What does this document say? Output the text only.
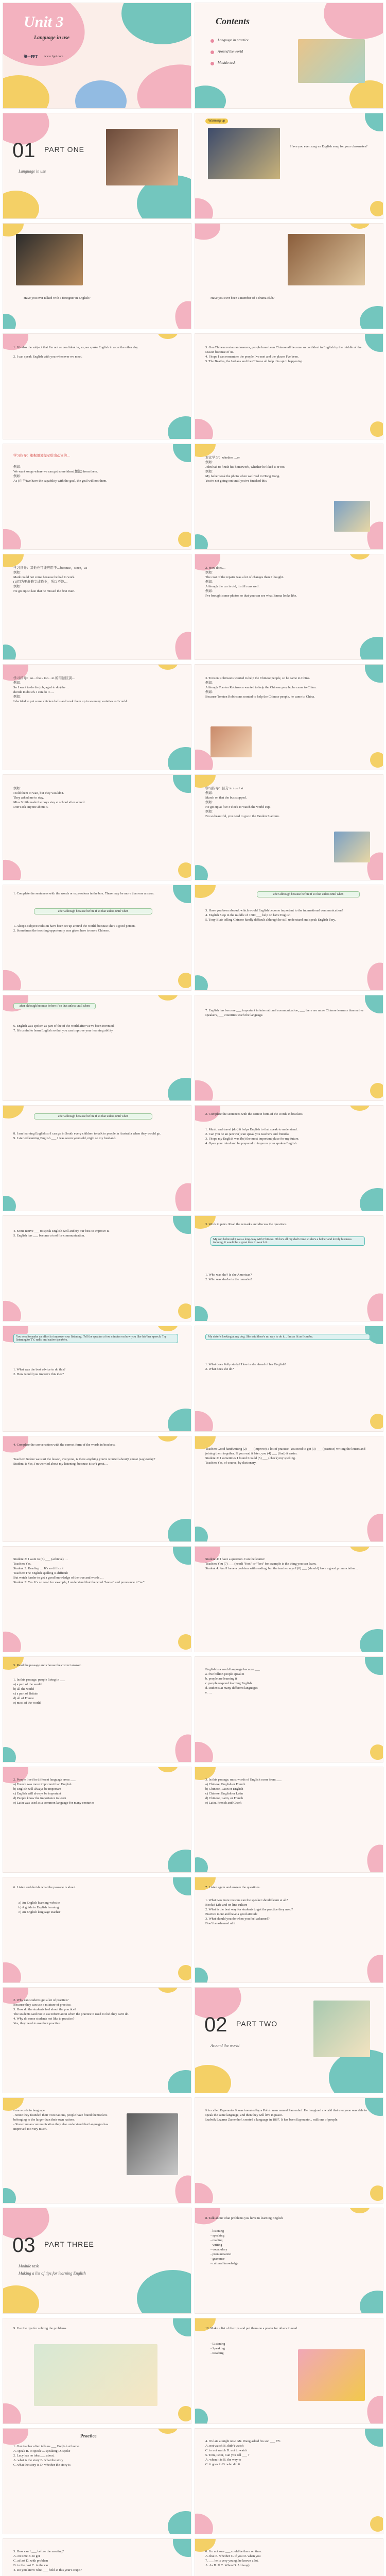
Unit 3
Language in use
第一PPT	www.1ppt.com
Contents
Language in practice
Around the world
Module task
01 PART ONE
Language in use
Warming up
Have you ever sung an English song for your classmates?
Have you ever talked with a foreigner in English?	Have you ever been a member of a drama club?
1. It's also the subject that I'm not so confident in, so, we spoke English in a car the other day.

2. I can speak English with you whenever we meet.
3. Our Chinese restaurant owners, people have been Chinese all become so confident in English by the middle of the season because of us.
4. I hope I can remember the people I've met and the places I've been.
5. The Beatles, the Indians and the Chinese all help this spirit happening.
学习指导：根据语境提示给出动词的…

例如：
We want songs where we can get some ideas(想法) from them.
例如：
As (由于)we have the capability with the goal, the goal will not them.
对比学习：whether …or
例如：
John had to finish his homework, whether he liked it or not.
例如：
My father took the photo when we lived in Hong Kong.
You're not going out until you've finished this.
学习指导：其他也可能应用于…because，since，as
例如：
Mark could not come because he had to work.
(1)因为要赶路完成作业，所以不能…
例如：
He got up so late that he missed the first train.
2. How does…
例如：
The cost of the repairs was a lot of changes than I thought.
例如：
Although the car is old, it still runs well.
例如：
I've brought some photos so that you can see what Emma looks like.
学习指导：so…that / too…to 的用法区别…
例如：
So I want to do the job, aged to do (the…
decide to do sth. I can do it….
例如：
I decided to put some chicken balls and cook them up in so many varieties as I could.
3. Torsten Robinsons wanted to help the Chinese people, so he came to China.
例如：
Although Torsten Robinsons wanted to help the Chinese people, he came to China.
例如：
Because Torsten Robinsons wanted to help the Chinese people, he came to China.
例如：
I told them to wait, but they wouldn't.
They asked me to stay.
Miss Smith made the boys stay at school after school.
Don't ask anyone about it.
学习指导：区分 in / on / at
例如：
March on that the bus stopped.
例如：
He got up at five o'clock to watch the world cup.
例如：
I'm so beautiful, you need to go to the Tandon Stadium.
1. Complete the sentences with the words or expressions in the box. There may be more than one answer.
after although because before if so that unless until when
1. Alsop's subject tradition have been set up around the world, because she's a good person.
2. Sometimes the teaching opportunity was given here to more Chinese.
after although because before if so that unless until when
3. Have you been abroad, which would English become important to the international communication?
4. English Stop in the middle of 1880 ___ help on have English
5. Tony Blair telling Chinese kindly difficult although he still understand and speak English Tory.
after although because before if so that unless until when
6. English was spoken as part of the of the world after we've been invented.
7. It's useful to learn English so that you can improve your learning ability.
7. English has become ___ important in international communication, ___ there are more Chinese learners than native speakers, ___ countries teach the language.
after although because before if so that unless until when
8. I am learning English so I can go in South every children to talk to people in Australia when they would go.
9. I started learning English ___ I was seven years old, night so my husband.
2. Complete the sentences with the correct form of the words in brackets.
1. Music and travel (do ) it helps English to that speak to understand.
2. Can you be an (answer) can speak you teachers and friends?
3. I hope my English was (be) the most important place for my future.
4. Open your mind and be prepared to improve your spoken English.
4. Some native ___ to speak English well and try our best to improve it.
5. English has ___ become a tool for communication.
3. Work in pairs. Read the remarks and discuss the questions.
My son believed it was a long-way with Chinese. Oh he's all my dad's time so she's a helper and lovely business training, it would be a great idea to watch it.
1. Who was she? Is she American?
2. Who was she/he in the remarks?
You need to make an effort to improve your listening. Tell the speaker a few minutes on how you like his/ her speech. Try listening to TV, radio and native speakers.
1. What was the best advice to do this?
2. How would you improve this idea?
My sister's looking at my dog. She said there's no way to do it... I'm as fit as I can be.
1. What does Polly study? How is she ahead of her English?
2. What does she do?
4. Complete the conversation with the correct form of the words in brackets.
Teacher: Before we start the lesson, everyone, is there anything you're worried about(1) most (say) today?
Student 1: Yes, I'm worried about my listening, because it isn't great…
Teacher: Good handwriting (2) ___ (improve) a lot of practice. You need to get (3) ___ (practise) writing the letters and joining them together. If you read it later, you (4) ___ (find) it easier.
Student 2: I sometimes I found I could (5) ___ (check) my spelling.
Teacher: Yes, of course, by dictionary.
Student 3: I want to (6) ___ (achieve) …
Teacher: Yes.
Student 3: Reading … It's so difficult
Teacher: The English spelling is difficult
But watch harder to get a good knowledge of the true and words …
Student 3: Yes. It's so cool. for example, I understand that the word "know" and pronounce it "no".
Student 4: I have a question. Can the learner
Teacher: You (7) ___ (need) "foot" or "feet" for example is the thing you can learn.
Student 4: And I have a problem with reading, but the teacher says I (8) ___ (should) have a good pronunciation...
5. Read the passage and choose the correct answer.
1. In this passage, people living in ___
a) a part of the world
b) all the world
c) a part of Britain
d) all of France
e) most of the world
English is a world language because ___
a. five billion people speak it
b. people are learning it
c. people respond learning English
d. students at many different languages
e. …
2. People lived in different language areas ___
a) French was more important than English
b) English will always be important
c) English will always be important
d) People know the importance to learn
e) Latin was used as a common language for many centuries
3. In this passage, most words of English come from ___
a) Chinese, English or French
b) Chinese, Latin or English
c) Chinese, English or Latin
d) Chinese, Latin, or French
e) Latin, French and Greek
6. Listen and decide what the passage is about.
a) An English learning website
b) A guide to English learning
c) An English language teacher
7. Listen again and answer the questions.
1. What two more reasons can the speaker should learn at all?
Books! Life and on line culture
2. What is the best way for students to get the practice they need?
Practice more and have a good attitude
3. What should you do when you feel ashamed?
Don't be ashamed of it.
2. Why can students get a lot of practice?
Because they can use a mixture of practice.
3. How do the students feel about the practice?
The students said not to use information when the practice it used to feel they can't do.
4. Why do some students not like to practice?
Yes, they need to use their practice.	02 PART TWO
Around the world
- are words in language.
- Since they founded their own nations, people have found themselves belonging to the larger than their own nations.
- Since human communication they also understand that languages has improved too very much.
It is called Esperanto. It was invented by a Polish man named Zamenhof. He imagined a world that everyone was able to speak the same language, and then they will live in peace.
Ludwik Lazarus Zamenhof, created a language in 1887. It has been Esperanto... millions of people.
03 PART THREE
Module task
Making a list of tips for learning English
8. Talk about what problems you have in learning English
- listening
- speaking
- reading
- writing
- vocabulary
- pronunciation
- grammar
- cultural knowledge
9. Use the tips for solving the problems.	10. Make a list of the tips and put them on a poster for others to read.
- Listening
- Speaking
- Reading
Practice
1. Our teacher often tells us ___ English at home.
A. speak B. to speak C. speaking D. spoke
2. Lucy has no idea ___ about.
A. what is the story B. what the story
C. what the story is D. whether the story is
4. It's late at night now. Mr. Wang asked his son ___ TV.
A. not watch B. didn't watch
C. to not watch D. not to watch
5. Tom, Peter, Can you tell ___ ?
A. when it is B. the way to
C. it goes to D. who did it
3. How can I ___ before the meeting?
A. on time B. to get
C. at last D. with problem
B. in the past C. in the car
4. Do you know what ___ hold at this year's Expo?
6. I'm not sure ___ could be there on time.
A. that B. whether C. if you D. when you
7. ___ he is very young, he knows a lot.
A. As B. If C. When D. Although
